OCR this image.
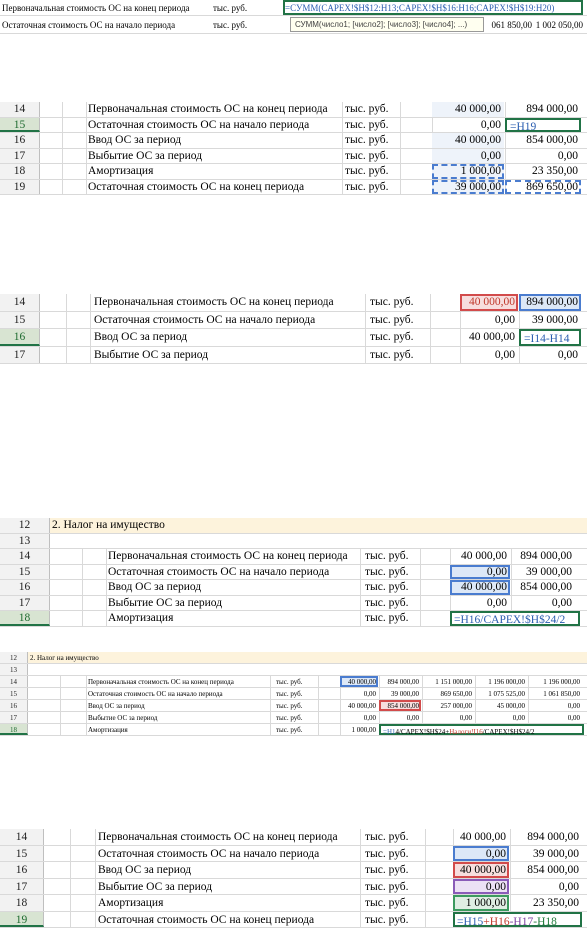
Первоначальная стоимость ОС на конец периода	тыс. руб.	=СУММ(CAPEX!$H$12:H13;CAPEX!$H$16:H16;CAPEX!$H$19:H20)
Остаточная стоимость ОС на начало периода	тыс. руб.	СУММ(число1; [число2]; [число3]; [число4]; ...)	061 850,00 1 002 050,00
14	Первоначальная стоимость ОС на конец периода	тыс. руб.	40 000,00	894 000,00
15	Остаточная стоимость ОС на начало периода	тыс. руб.	0,00 =H19
16	Ввод ОС за период	тыс. руб.	40 000,00	854 000,00
17	Выбытие ОС за период	тыс. руб.	0,00	0,00
18	Амортизация	тыс. руб.	1 000,00	23 350,00
19	Остаточная стоимость ОС на конец периода	тыс. руб.	39 000,00	869 650,00
14	Первоначальная стоимость ОС на конец периода	тыс. руб.	40 000,00 894 000,00
15	Остаточная стоимость ОС на начало периода	тыс. руб.	0,00	39 000,00
16	Ввод ОС за период	тыс. руб.	40 000,00 =I14-H14
17	Выбытие ОС за период	тыс. руб.	0,00	0,00
12	2. Налог на имущество
13
14	Первоначальная стоимость ОС на конец периода	тыс. руб.	40 000,00	894 000,00
15	Остаточная стоимость ОС на начало периода	тыс. руб.	0,00	39 000,00
16	Ввод ОС за период	тыс. руб.	40 000,00	854 000,00
17	Выбытие ОС за период	тыс. руб.	0,00	0,00
18	Амортизация	тыс. руб.	=H16/CAPEX!$H$24/2
12	2. Налог на имущество
13
14	Первоначальная стоимость ОС на конец периода	тыс. руб.	40 000,00	894 000,00	1 151 000,00	1 196 000,00	1 196 000,00
15	Остаточная стоимость ОС на начало периода	тыс. руб.	0,00	39 000,00	869 650,00	1 075 525,00	1 061 850,00
16	Ввод ОС за период	тыс. руб.	40 000,00	854 000,00	257 000,00	45 000,00	0,00
17	Выбытие ОС за период	тыс. руб.	0,00	0,00	0,00	0,00	0,00
18	Амортизация	тыс. руб.	1 000,00	=H14/CAPEX!$H$24+Налоги!I16/CAPEX!$H$24/2
14	Первоначальная стоимость ОС на конец периода	тыс. руб.	40 000,00	894 000,00
15	Остаточная стоимость ОС на начало периода	тыс. руб.	0,00	39 000,00
16	Ввод ОС за период	тыс. руб.	40 000,00	854 000,00
17	Выбытие ОС за период	тыс. руб.	0,00	0,00
18	Амортизация	тыс. руб.	1 000,00	23 350,00
19	Остаточная стоимость ОС на конец периода	тыс. руб.	=H15+H16-H17-H18
